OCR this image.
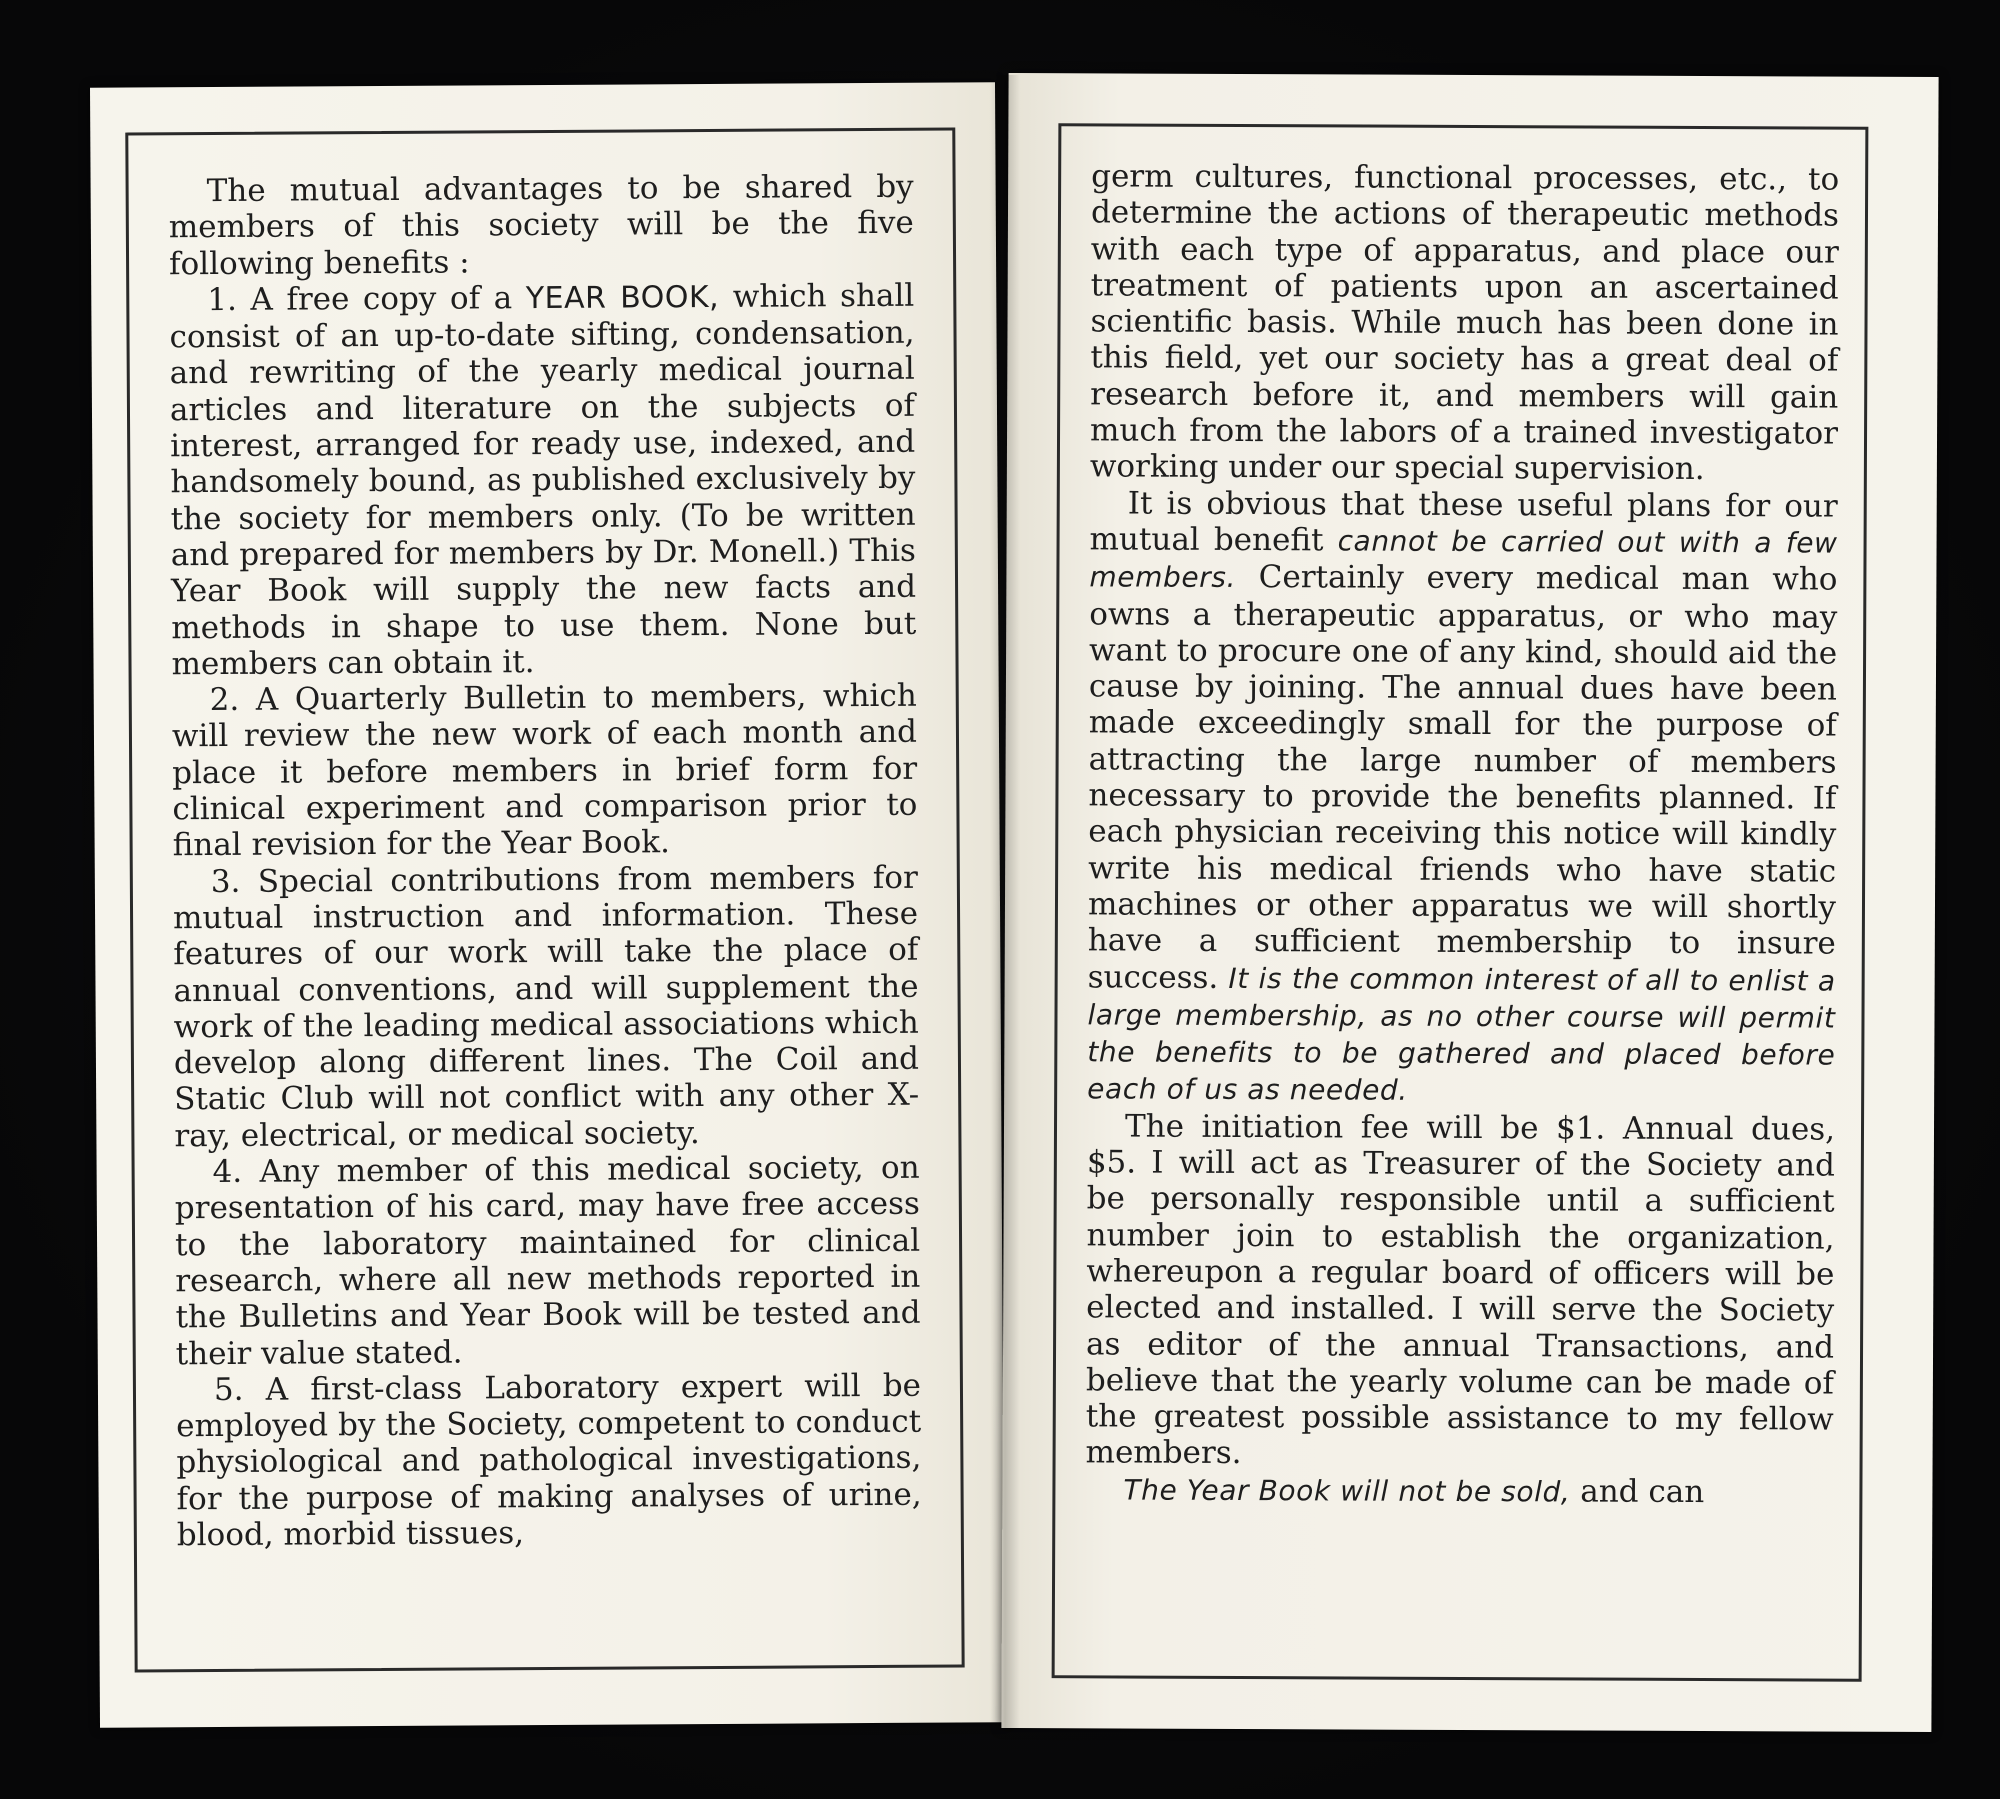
The mutual advantages to be shared by members of this society will be the five following benefits :

1. A free copy of a YEAR BOOK, which shall consist of an up-to-date sifting, condensation, and rewriting of the yearly medical journal articles and literature on the subjects of interest, arranged for ready use, indexed, and handsomely bound, as published exclusively by the society for members only. (To be written and prepared for members by Dr. Monell.) This Year Book will supply the new facts and methods in shape to use them. None but members can obtain it.

2. A Quarterly Bulletin to members, which will review the new work of each month and place it before members in brief form for clinical experiment and comparison prior to final revision for the Year Book.

3. Special contributions from members for mutual instruction and information. These features of our work will take the place of annual conventions, and will supplement the work of the leading medical associations which develop along different lines. The Coil and Static Club will not conflict with any other X-ray, electrical, or medical society.

4. Any member of this medical society, on presentation of his card, may have free access to the laboratory maintained for clinical research, where all new methods reported in the Bulletins and Year Book will be tested and their value stated.

5. A first-class Laboratory expert will be employed by the Society, competent to conduct physiological and pathological investigations, for the purpose of making analyses of urine, blood, morbid tissues,

germ cultures, functional processes, etc., to determine the actions of therapeutic methods with each type of apparatus, and place our treatment of patients upon an ascertained scientific basis. While much has been done in this field, yet our society has a great deal of research before it, and members will gain much from the labors of a trained investigator working under our special supervision.

It is obvious that these useful plans for our mutual benefit cannot be carried out with a few members. Certainly every medical man who owns a therapeutic apparatus, or who may want to procure one of any kind, should aid the cause by joining. The annual dues have been made exceedingly small for the purpose of attracting the large number of members necessary to provide the benefits planned. If each physician receiving this notice will kindly write his medical friends who have static machines or other apparatus we will shortly have a sufficient membership to insure success. It is the common interest of all to enlist a large membership, as no other course will permit the benefits to be gathered and placed before each of us as needed.

The initiation fee will be $1. Annual dues, $5. I will act as Treasurer of the Society and be personally responsible until a sufficient number join to establish the organization, whereupon a regular board of officers will be elected and installed. I will serve the Society as editor of the annual Transactions, and believe that the yearly volume can be made of the greatest possible assistance to my fellow members.

The Year Book will not be sold, and can
